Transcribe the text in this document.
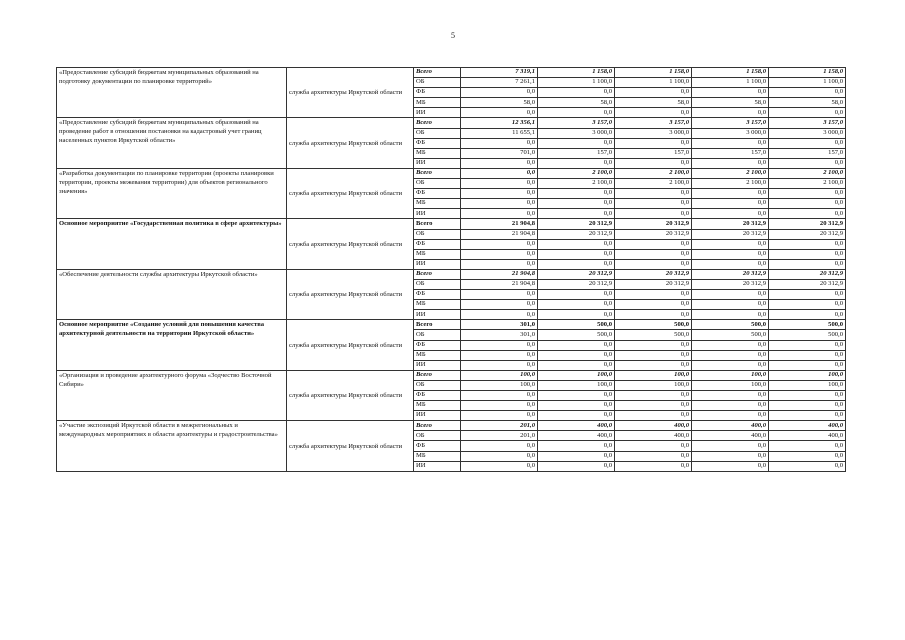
5
«Предоставление субсидий бюджетам муниципальных образований на подготовку документации по планировке территорий»	служба архитектуры Иркутской области	Всего	7 319,1	1 158,0	1 158,0	1 158,0	1 158,0
		ОБ	7 261,1	1 100,0	1 100,0	1 100,0	1 100,0
		ФБ	0,0	0,0	0,0	0,0	0,0
		МБ	58,0	58,0	58,0	58,0	58,0
		ИИ	0,0	0,0	0,0	0,0	0,0
«Предоставление субсидий бюджетам муниципальных образований на проведение работ в отношении постановки на кадастровый учет границ населенных пунктов Иркутской области»	служба архитектуры Иркутской области	Всего	12 356,1	3 157,0	3 157,0	3 157,0	3 157,0
		ОБ	11 655,1	3 000,0	3 000,0	3 000,0	3 000,0
		ФБ	0,0	0,0	0,0	0,0	0,0
		МБ	701,0	157,0	157,0	157,0	157,0
		ИИ	0,0	0,0	0,0	0,0	0,0
«Разработка документации по планировке территории (проекты планировки территории, проекты межевания территории) для объектов регионального значения»	служба архитектуры Иркутской области	Всего	0,0	2 100,0	2 100,0	2 100,0	2 100,0
		ОБ	0,0	2 100,0	2 100,0	2 100,0	2 100,0
		ФБ	0,0	0,0	0,0	0,0	0,0
		МБ	0,0	0,0	0,0	0,0	0,0
		ИИ	0,0	0,0	0,0	0,0	0,0
Основное мероприятие «Государственная политика в сфере архитектуры»	служба архитектуры Иркутской области	Всего	21 904,8	20 312,9	20 312,9	20 312,9	20 312,9
		ОБ	21 904,8	20 312,9	20 312,9	20 312,9	20 312,9
		ФБ	0,0	0,0	0,0	0,0	0,0
		МБ	0,0	0,0	0,0	0,0	0,0
		ИИ	0,0	0,0	0,0	0,0	0,0
«Обеспечение деятельности службы архитектуры Иркутской области»	служба архитектуры Иркутской области	Всего	21 904,8	20 312,9	20 312,9	20 312,9	20 312,9
		ОБ	21 904,8	20 312,9	20 312,9	20 312,9	20 312,9
		ФБ	0,0	0,0	0,0	0,0	0,0
		МБ	0,0	0,0	0,0	0,0	0,0
		ИИ	0,0	0,0	0,0	0,0	0,0
Основное мероприятие «Создание условий для повышения качества архитектурной деятельности на территории Иркутской области»	служба архитектуры Иркутской области	Всего	301,0	500,0	500,0	500,0	500,0
		ОБ	301,0	500,0	500,0	500,0	500,0
		ФБ	0,0	0,0	0,0	0,0	0,0
		МБ	0,0	0,0	0,0	0,0	0,0
		ИИ	0,0	0,0	0,0	0,0	0,0
«Организация и проведение архитектурного форума «Зодчество Восточной Сибири»	служба архитектуры Иркутской области	Всего	100,0	100,0	100,0	100,0	100,0
		ОБ	100,0	100,0	100,0	100,0	100,0
		ФБ	0,0	0,0	0,0	0,0	0,0
		МБ	0,0	0,0	0,0	0,0	0,0
		ИИ	0,0	0,0	0,0	0,0	0,0
«Участие экспозиций Иркутской области в межрегиональных и международных мероприятиях в области архитектуры и градостроительства»	служба архитектуры Иркутской области	Всего	201,0	400,0	400,0	400,0	400,0
		ОБ	201,0	400,0	400,0	400,0	400,0
		ФБ	0,0	0,0	0,0	0,0	0,0
		МБ	0,0	0,0	0,0	0,0	0,0
		ИИ	0,0	0,0	0,0	0,0	0,0
